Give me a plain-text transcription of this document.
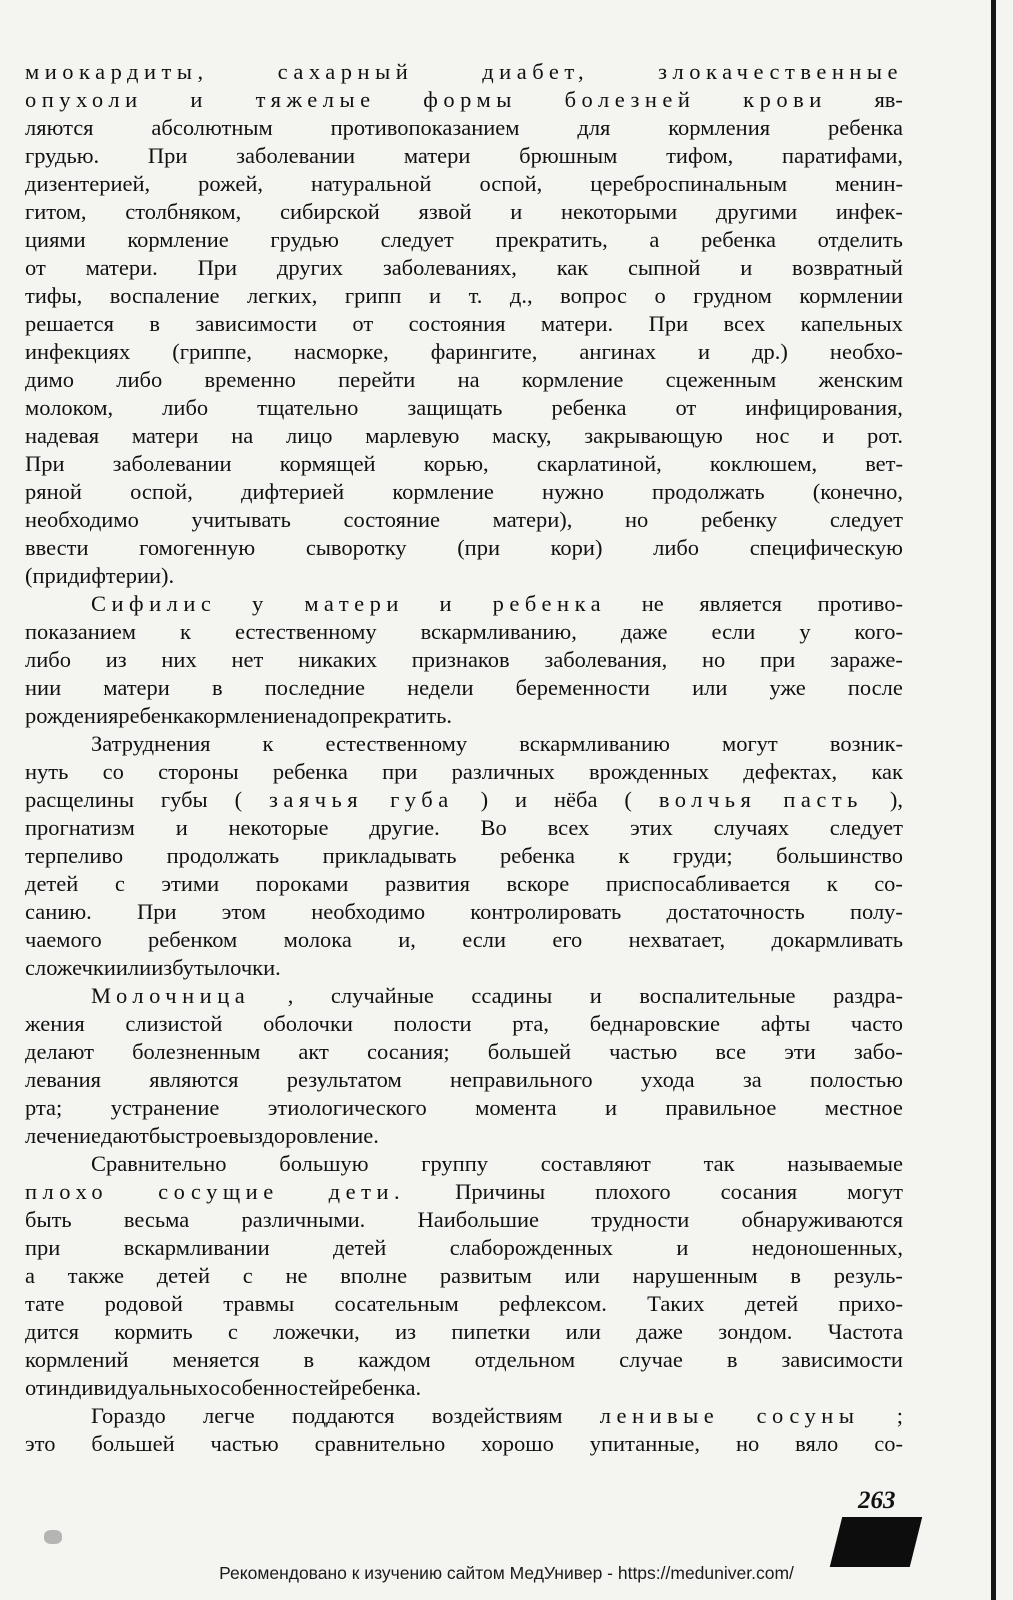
миокардиты,	сахарный	диабет,	злокачественные
опухоли и тяжелые формы болезней крови яв-
ляются	абсолютным	противопоказанием	для	кормления	ребенка
грудью. При заболевании матери брюшным тифом, паратифами,
дизентерией, рожей, натуральной оспой, цереброспинальным менин-
гитом, столбняком, сибирской язвой и некоторыми другими инфек-
циями кормление грудью следует прекратить, а ребенка отделить
от матери. При других заболеваниях, как сыпной и возвратный
тифы, воспаление легких, грипп и т. д., вопрос о грудном кормлении
решается в зависимости от состояния матери. При всех капельных
инфекциях (гриппе, насморке, фарингите, ангинах и др.) необхо-
димо либо временно перейти на кормление сцеженным женским
молоком, либо тщательно защищать ребенка от инфицирования,
надевая матери на лицо марлевую маску, закрывающую нос и рот.
При заболевании кормящей корью, скарлатиной, коклюшем, вет-
ряной оспой, дифтерией кормление нужно продолжать (конечно,
необходимо учитывать состояние матери), но ребенку следует
ввести гомогенную сыворотку (при кори) либо специфическую
(при дифтерии).
Сифилис у матери и ребенка не является противо-
показанием к естественному вскармливанию, даже если у кого-
либо из них нет никаких признаков заболевания, но при зараже-
нии матери в последние недели беременности или уже после
рождения ребенка кормление надо прекратить.
Затруднения к естественному вскармливанию могут возник-
нуть со стороны ребенка при различных врожденных дефектах, как
расщелины губы ( заячья губа ) и нёба ( волчья пасть ),
прогнатизм и некоторые другие. Во всех этих случаях следует
терпеливо продолжать прикладывать ребенка к груди; большинство
детей с этими пороками развития вскоре приспосабливается к со-
санию. При этом необходимо контролировать достаточность полу-
чаемого ребенком молока и, если его нехватает, докармливать
с ложечки или из бутылочки.
Молочница , случайные ссадины и воспалительные раздра-
жения слизистой оболочки полости рта, беднаровские афты часто
делают болезненным акт сосания; большей частью все эти забо-
левания являются результатом неправильного ухода за полостью
рта; устранение этиологического момента и правильное местное
лечение дают быстрое выздоровление.
Сравнительно большую группу составляют так называемые
плохо сосущие дети. Причины плохого сосания могут
быть весьма различными. Наибольшие трудности обнаруживаются
при	вскармливании	детей	слаборожденных	и	недоношенных,
а также детей с не вполне развитым или нарушенным в резуль-
тате родовой травмы сосательным рефлексом. Таких детей прихо-
дится кормить с ложечки, из пипетки или даже зондом. Частота
кормлений меняется в каждом отдельном случае в зависимости
от индивидуальных особенностей ребенка.
Гораздо легче поддаются воздействиям ленивые сосуны ;
это большей частью сравнительно хорошо упитанные, но вяло со-
263
Рекомендовано к изучению сайтом МедУнивер - https://meduniver.com/
